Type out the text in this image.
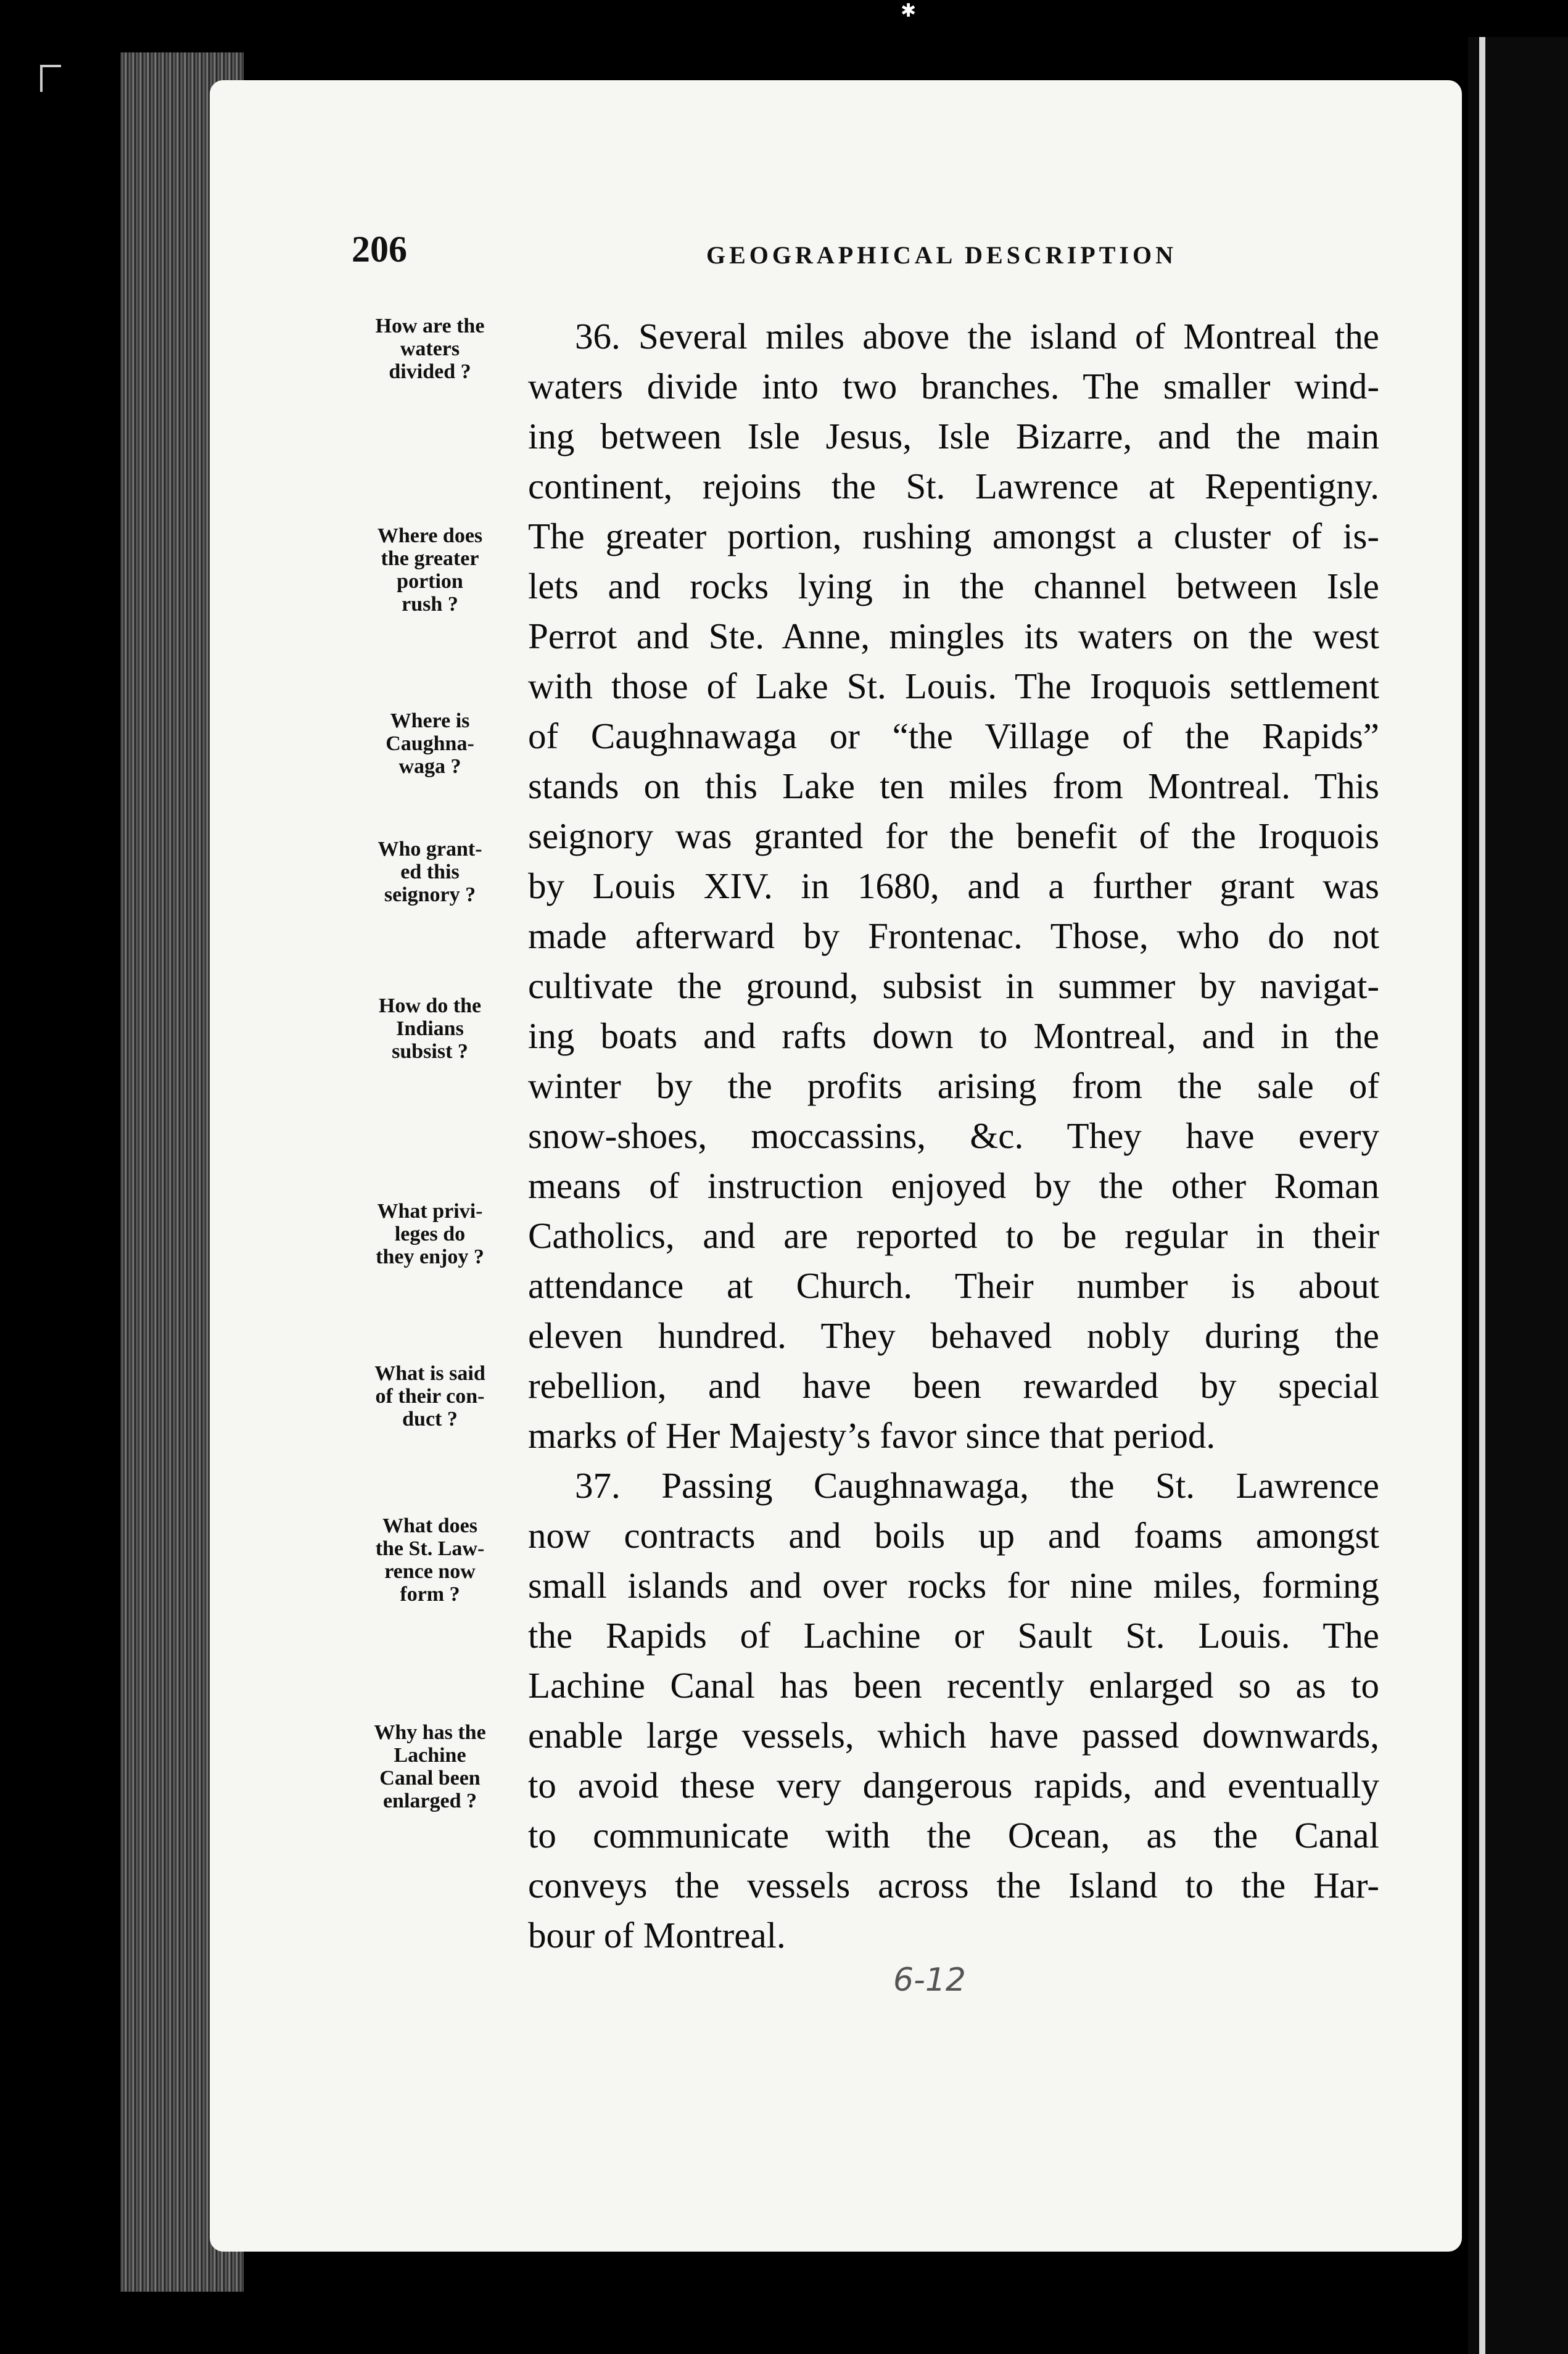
✱
206	GEOGRAPHICAL DESCRIPTION
How are the
waters
divided ?
Where does
the greater
portion
rush ?
Where is
Caughna-
waga ?
Who grant-
ed this
seignory ?
How do the
Indians
subsist ?
What privi-
leges do
they enjoy ?
What is said
of their con-
duct ?
What does
the St. Law-
rence now
form ?
Why has the
Lachine
Canal been
enlarged ?
36. Several miles above the island of Montreal the
waters divide into two branches. The smaller wind-
ing between Isle Jesus, Isle Bizarre, and the main
continent, rejoins the St. Lawrence at Repentigny.
The greater portion, rushing amongst a cluster of is-
lets and rocks lying in the channel between Isle
Perrot and Ste. Anne, mingles its waters on the west
with those of Lake St. Louis. The Iroquois settlement
of Caughnawaga or “the Village of the Rapids”
stands on this Lake ten miles from Montreal. This
seignory was granted for the benefit of the Iroquois
by Louis XIV. in 1680, and a further grant was
made afterward by Frontenac. Those, who do not
cultivate the ground, subsist in summer by navigat-
ing boats and rafts down to Montreal, and in the
winter by the profits arising from the sale of
snow-shoes, moccassins, &c. They have every
means of instruction enjoyed by the other Roman
Catholics, and are reported to be regular in their
attendance at Church. Their number is about
eleven hundred. They behaved nobly during the
rebellion, and have been rewarded by special
marks of Her Majesty’s favor since that period.
37. Passing Caughnawaga, the St. Lawrence
now contracts and boils up and foams amongst
small islands and over rocks for nine miles, forming
the Rapids of Lachine or Sault St. Louis. The
Lachine Canal has been recently enlarged so as to
enable large vessels, which have passed downwards,
to avoid these very dangerous rapids, and eventually
to communicate with the Ocean, as the Canal
conveys the vessels across the Island to the Har-
bour of Montreal.
6-12
